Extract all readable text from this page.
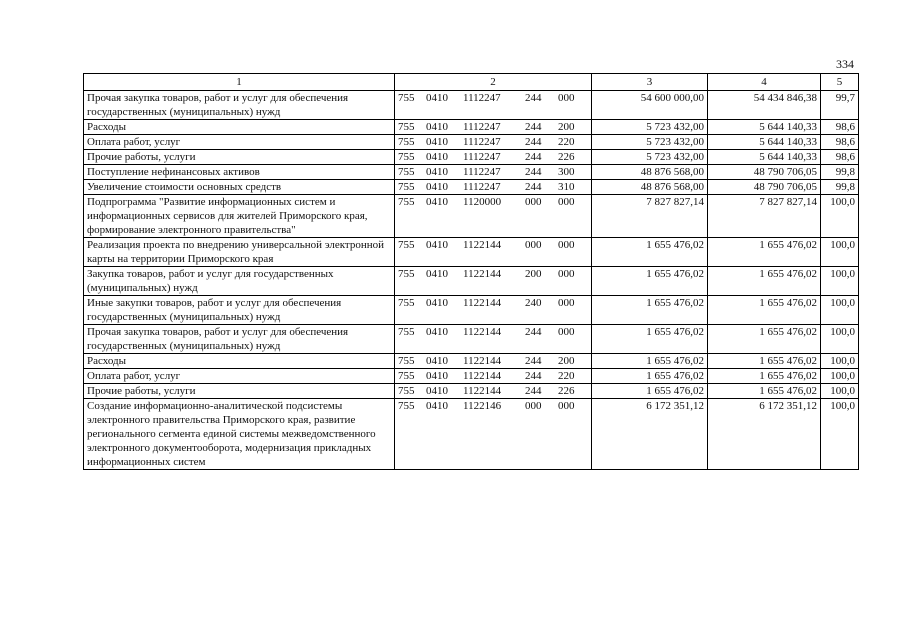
334
1	2	3	4	5
Прочая закупка товаров, работ и услуг для обеспечения государственных (муниципальных) нужд	755 0410 1112247 244 000	54 600 000,00	54 434 846,38	99,7
Расходы	755 0410 1112247 244 200	5 723 432,00	5 644 140,33	98,6
Оплата работ, услуг	755 0410 1112247 244 220	5 723 432,00	5 644 140,33	98,6
Прочие работы, услуги	755 0410 1112247 244 226	5 723 432,00	5 644 140,33	98,6
Поступление нефинансовых активов	755 0410 1112247 244 300	48 876 568,00	48 790 706,05	99,8
Увеличение стоимости основных средств	755 0410 1112247 244 310	48 876 568,00	48 790 706,05	99,8
Подпрограмма "Развитие информационных систем и информационных сервисов для жителей Приморского края, формирование электронного правительства"	755 0410 1120000 000 000	7 827 827,14	7 827 827,14	100,0
Реализация проекта по внедрению универсальной электронной карты на территории Приморского края	755 0410 1122144 000 000	1 655 476,02	1 655 476,02	100,0
Закупка товаров, работ и услуг для государственных (муниципальных) нужд	755 0410 1122144 200 000	1 655 476,02	1 655 476,02	100,0
Иные закупки товаров, работ и услуг для обеспечения государственных (муниципальных) нужд	755 0410 1122144 240 000	1 655 476,02	1 655 476,02	100,0
Прочая закупка товаров, работ и услуг для обеспечения государственных (муниципальных) нужд	755 0410 1122144 244 000	1 655 476,02	1 655 476,02	100,0
Расходы	755 0410 1122144 244 200	1 655 476,02	1 655 476,02	100,0
Оплата работ, услуг	755 0410 1122144 244 220	1 655 476,02	1 655 476,02	100,0
Прочие работы, услуги	755 0410 1122144 244 226	1 655 476,02	1 655 476,02	100,0
Создание информационно-аналитической подсистемы электронного правительства Приморского края, развитие регионального сегмента единой системы межведомственного электронного документооборота, модернизация прикладных информационных систем	755 0410 1122146 000 000	6 172 351,12	6 172 351,12	100,0
